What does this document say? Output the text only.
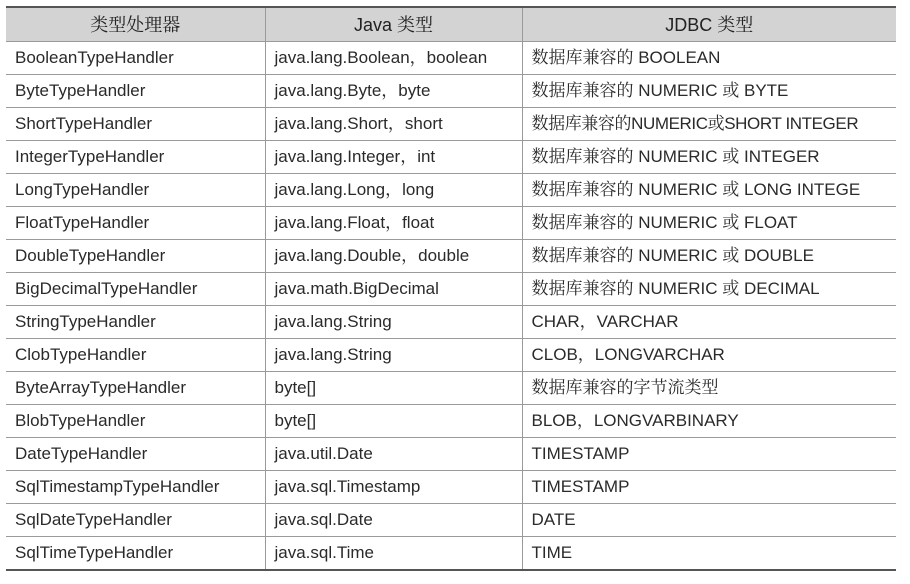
类型处理器	Java 类型	JDBC 类型
BooleanTypeHandler	java.lang.Boolean，boolean	数据库兼容的 BOOLEAN
ByteTypeHandler	java.lang.Byte，byte	数据库兼容的 NUMERIC 或 BYTE
ShortTypeHandler	java.lang.Short，short	数据库兼容的NUMERIC或SHORT INTEGER
IntegerTypeHandler	java.lang.Integer，int	数据库兼容的 NUMERIC 或 INTEGER
LongTypeHandler	java.lang.Long，long	数据库兼容的 NUMERIC 或 LONG INTEGE
FloatTypeHandler	java.lang.Float，float	数据库兼容的 NUMERIC 或 FLOAT
DoubleTypeHandler	java.lang.Double，double	数据库兼容的 NUMERIC 或 DOUBLE
BigDecimalTypeHandler	java.math.BigDecimal	数据库兼容的 NUMERIC 或 DECIMAL
StringTypeHandler	java.lang.String	CHAR，VARCHAR
ClobTypeHandler	java.lang.String	CLOB，LONGVARCHAR
ByteArrayTypeHandler	byte[]	数据库兼容的字节流类型
BlobTypeHandler	byte[]	BLOB，LONGVARBINARY
DateTypeHandler	java.util.Date	TIMESTAMP
SqlTimestampTypeHandler	java.sql.Timestamp	TIMESTAMP
SqlDateTypeHandler	java.sql.Date	DATE
SqlTimeTypeHandler	java.sql.Time	TIME
